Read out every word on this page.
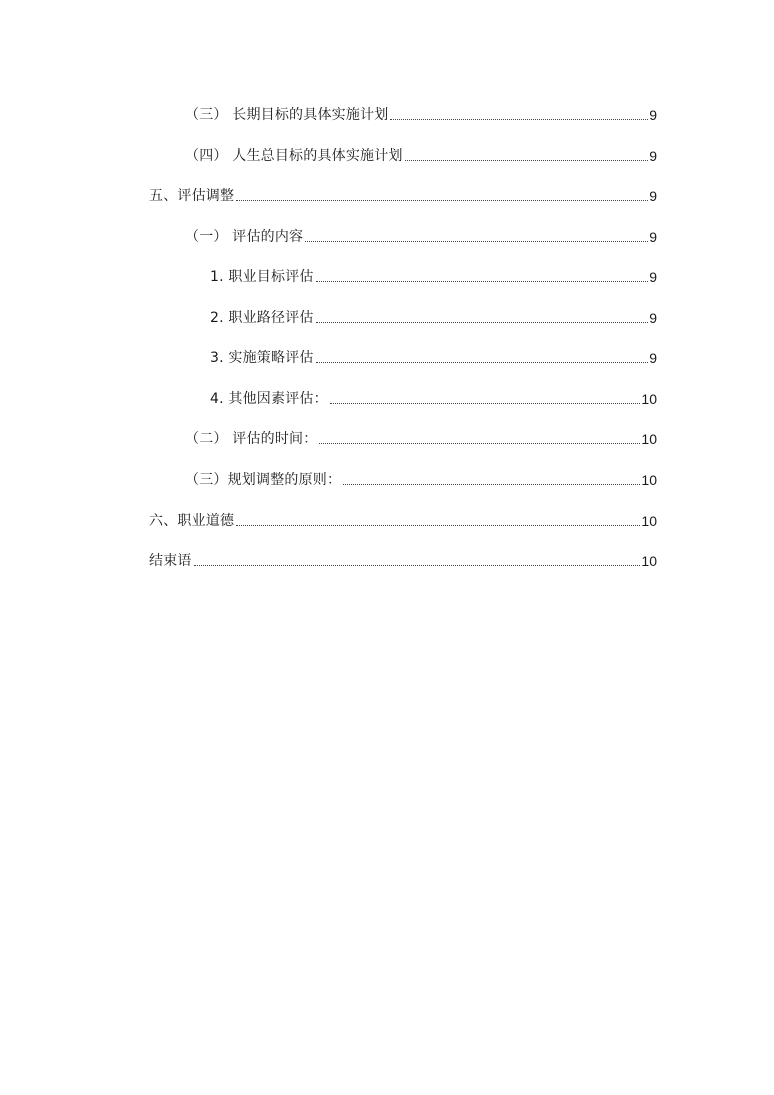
（三） 长期目标的具体实施计划	9
（四） 人生总目标的具体实施计划	9
五、评估调整	9
（一） 评估的内容	9
1. 职业目标评估	9
2. 职业路径评估	9
3. 实施策略评估	9
4. 其他因素评估：	10
（二） 评估的时间：	10
（三）规划调整的原则：	10
六、职业道德	10
结束语	10
